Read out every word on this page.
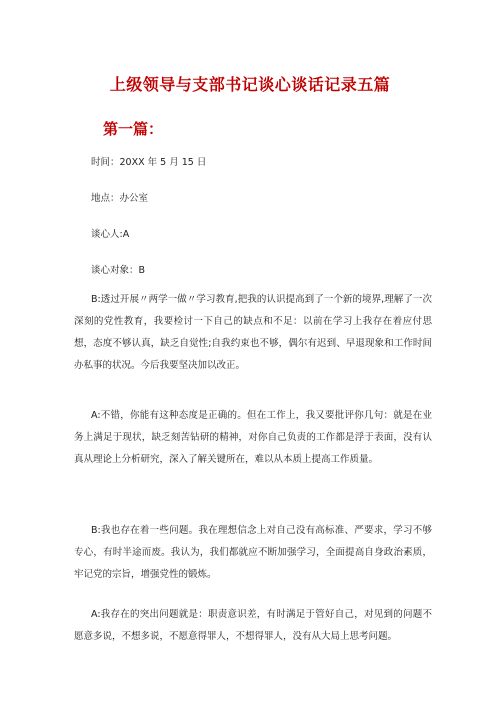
上级领导与支部书记谈心谈话记录五篇
第一篇：
时间：20XX 年 5 月 15 日
地点：办公室
谈心人:A
谈心对象：B
B:透过开展〃两学一做〃学习教育,把我的认识提高到了一个新的境界,理解了一次深刻的党性教育，我要检讨一下自己的缺点和不足：以前在学习上我存在着应付思想，态度不够认真，缺乏自觉性;自我约束也不够，偶尔有迟到、早退现象和工作时间办私事的状况。今后我要坚决加以改正。
A:不错，你能有这种态度是正确的。但在工作上，我又要批评你几句：就是在业务上满足于现状，缺乏刻苦钻研的精神，对你自己负责的工作都是浮于表面，没有认真从理论上分析研究，深入了解关键所在，难以从本质上提高工作质量。
B:我也存在着一些问题。我在理想信念上对自己没有高标准、严要求，学习不够专心，有时半途而废。我认为，我们都就应不断加强学习，全面提高自身政治素质，牢记党的宗旨，增强党性的锻炼。
A:我存在的突出问题就是：职责意识差，有时满足于管好自己，对见到的问题不愿意多说，不想多说，不愿意得罪人，不想得罪人，没有从大局上思考问题。
